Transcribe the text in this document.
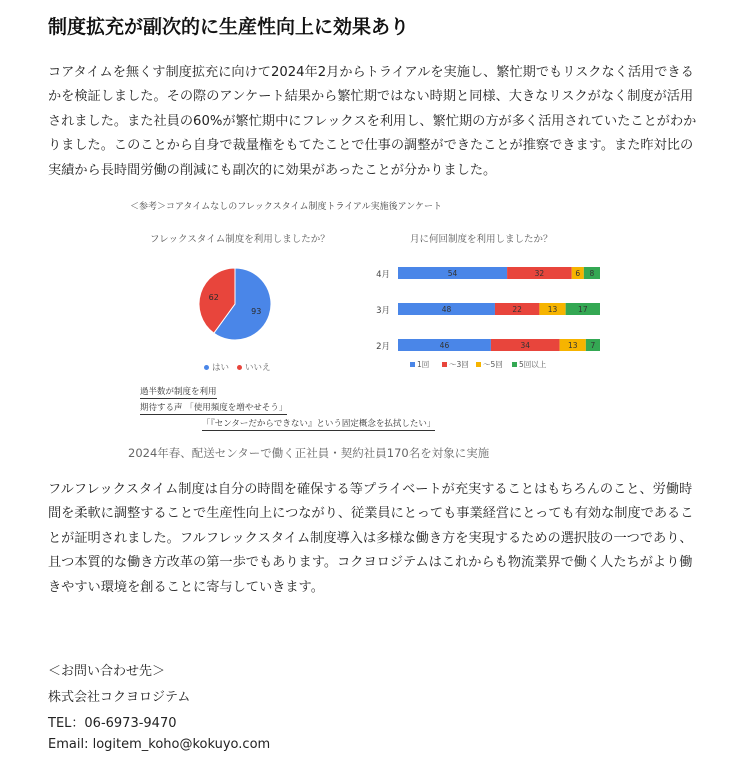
制度拡充が副次的に生産性向上に効果あり

コアタイムを無くす制度拡充に向けて2024年2月からトライアルを実施し、繁忙期でもリスクなく活用できるかを検証しました。その際のアンケート結果から繁忙期ではない時期と同様、大きなリスクがなく制度が活用されました。また社員の60%が繁忙期中にフレックスを利用し、繁忙期の方が多く活用されていたことがわかりました。このことから自身で裁量権をもてたことで仕事の調整ができたことが推察できます。また昨対比の実績から長時間労働の削減にも副次的に効果があったことが分かりました。

＜参考＞コアタイムなしのフレックスタイム制度トライアル実施後アンケート
フレックスタイム制度を利用しましたか？
93
62
はい いいえ
月に何回制度を利用しましたか？
4月	54	32	6 8
3月	48	22	13	17
2月	46	34	13 7
1回	～3回 ～5回 5回以上
過半数が制度を利用
期待する声 「使用頻度を増やせそう」
「『センターだからできない』という固定概念を払拭したい」
2024年春、配送センターで働く正社員・契約社員170名を対象に実施

フルフレックスタイム制度は自分の時間を確保する等プライベートが充実することはもちろんのこと、労働時間を柔軟に調整することで生産性向上につながり、従業員にとっても事業経営にとっても有効な制度であることが証明されました。フルフレックスタイム制度導入は多様な働き方を実現するための選択肢の一つであり、且つ本質的な働き方改革の第一歩でもあります。コクヨロジテムはこれからも物流業界で働く人たちがより働きやすい環境を創ることに寄与していきます。

＜お問い合わせ先＞
株式会社コクヨロジテム
TEL：06-6973-9470
Email: logitem_koho@kokuyo.com
